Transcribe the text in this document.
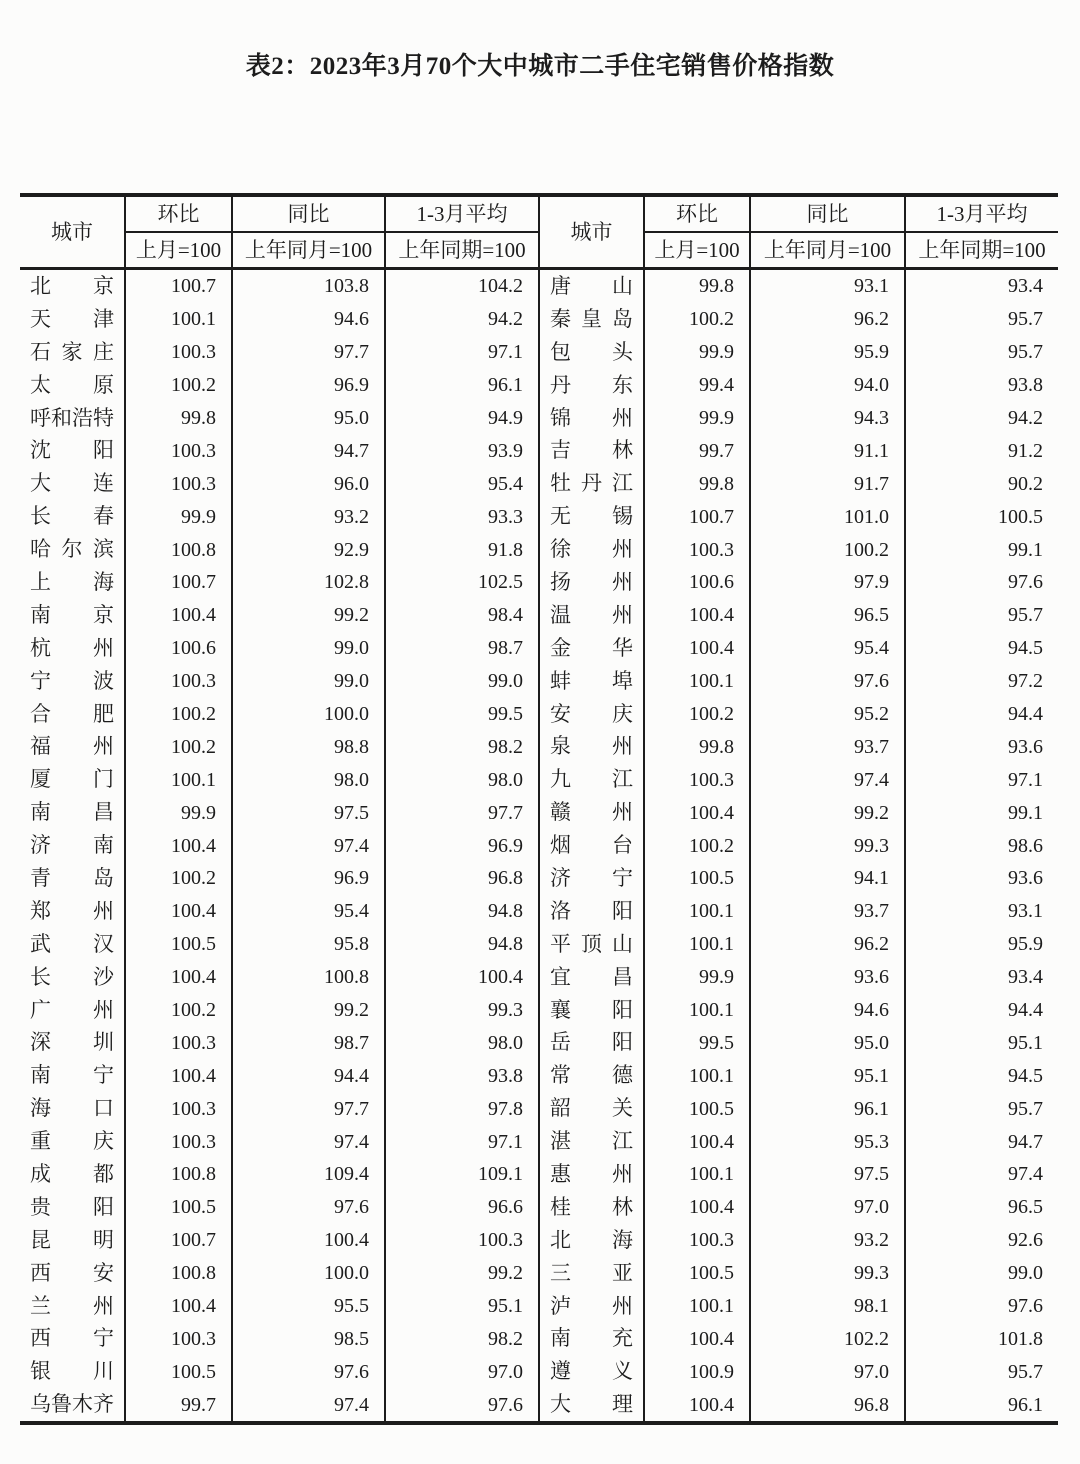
表2：2023年3月70个大中城市二手住宅销售价格指数
城市	环比	同比	1-3月平均	城市	环比	同比	1-3月平均
	上月=100	上年同月=100	上年同期=100		上月=100	上年同月=100	上年同期=100
北京	100.7	103.8	104.2	唐山	99.8	93.1	93.4
天津	100.1	94.6	94.2	秦皇岛	100.2	96.2	95.7
石家庄	100.3	97.7	97.1	包头	99.9	95.9	95.7
太原	100.2	96.9	96.1	丹东	99.4	94.0	93.8
呼和浩特	99.8	95.0	94.9	锦州	99.9	94.3	94.2
沈阳	100.3	94.7	93.9	吉林	99.7	91.1	91.2
大连	100.3	96.0	95.4	牡丹江	99.8	91.7	90.2
长春	99.9	93.2	93.3	无锡	100.7	101.0	100.5
哈尔滨	100.8	92.9	91.8	徐州	100.3	100.2	99.1
上海	100.7	102.8	102.5	扬州	100.6	97.9	97.6
南京	100.4	99.2	98.4	温州	100.4	96.5	95.7
杭州	100.6	99.0	98.7	金华	100.4	95.4	94.5
宁波	100.3	99.0	99.0	蚌埠	100.1	97.6	97.2
合肥	100.2	100.0	99.5	安庆	100.2	95.2	94.4
福州	100.2	98.8	98.2	泉州	99.8	93.7	93.6
厦门	100.1	98.0	98.0	九江	100.3	97.4	97.1
南昌	99.9	97.5	97.7	赣州	100.4	99.2	99.1
济南	100.4	97.4	96.9	烟台	100.2	99.3	98.6
青岛	100.2	96.9	96.8	济宁	100.5	94.1	93.6
郑州	100.4	95.4	94.8	洛阳	100.1	93.7	93.1
武汉	100.5	95.8	94.8	平顶山	100.1	96.2	95.9
长沙	100.4	100.8	100.4	宜昌	99.9	93.6	93.4
广州	100.2	99.2	99.3	襄阳	100.1	94.6	94.4
深圳	100.3	98.7	98.0	岳阳	99.5	95.0	95.1
南宁	100.4	94.4	93.8	常德	100.1	95.1	94.5
海口	100.3	97.7	97.8	韶关	100.5	96.1	95.7
重庆	100.3	97.4	97.1	湛江	100.4	95.3	94.7
成都	100.8	109.4	109.1	惠州	100.1	97.5	97.4
贵阳	100.5	97.6	96.6	桂林	100.4	97.0	96.5
昆明	100.7	100.4	100.3	北海	100.3	93.2	92.6
西安	100.8	100.0	99.2	三亚	100.5	99.3	99.0
兰州	100.4	95.5	95.1	泸州	100.1	98.1	97.6
西宁	100.3	98.5	98.2	南充	100.4	102.2	101.8
银川	100.5	97.6	97.0	遵义	100.9	97.0	95.7
乌鲁木齐	99.7	97.4	97.6	大理	100.4	96.8	96.1
